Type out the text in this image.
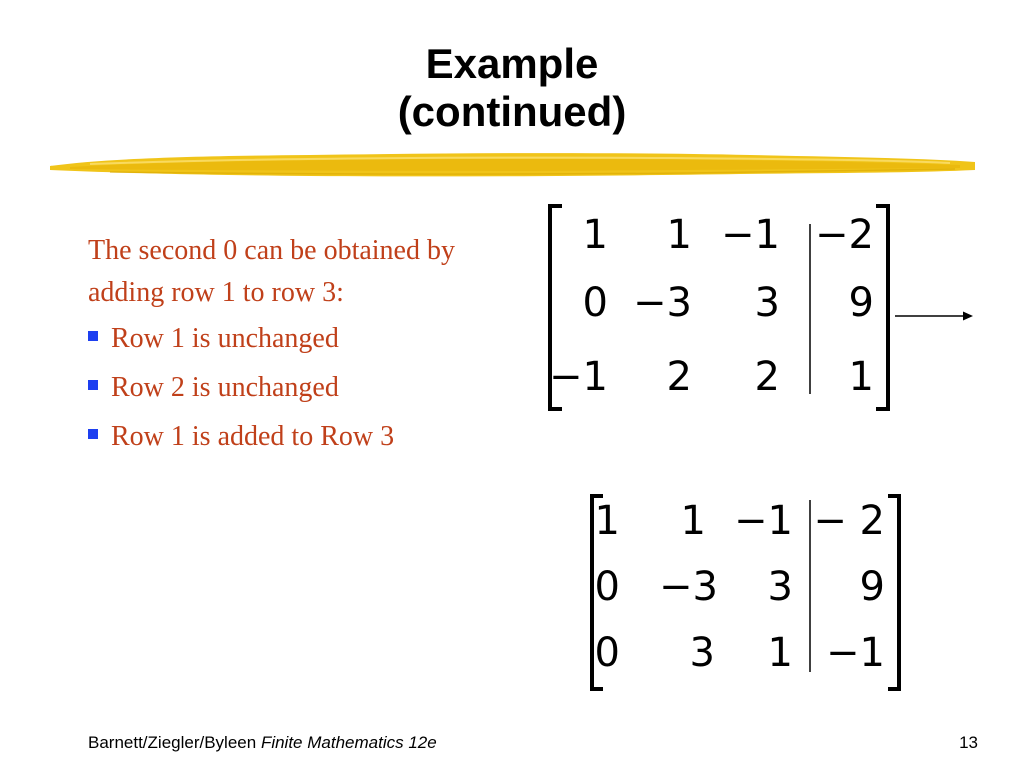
Example
(continued)
The second 0 can be obtained by adding row 1 to row 3:
Row 1 is unchanged
Row 2 is unchanged
Row 1 is added to Row 3
1 1 −1 −2
0 −3 3 9
−1 2 2 1
1 1 −1 − 2
0 −3 3 9
0 3 1 −1
Barnett/Ziegler/Byleen Finite Mathematics 12e	13
